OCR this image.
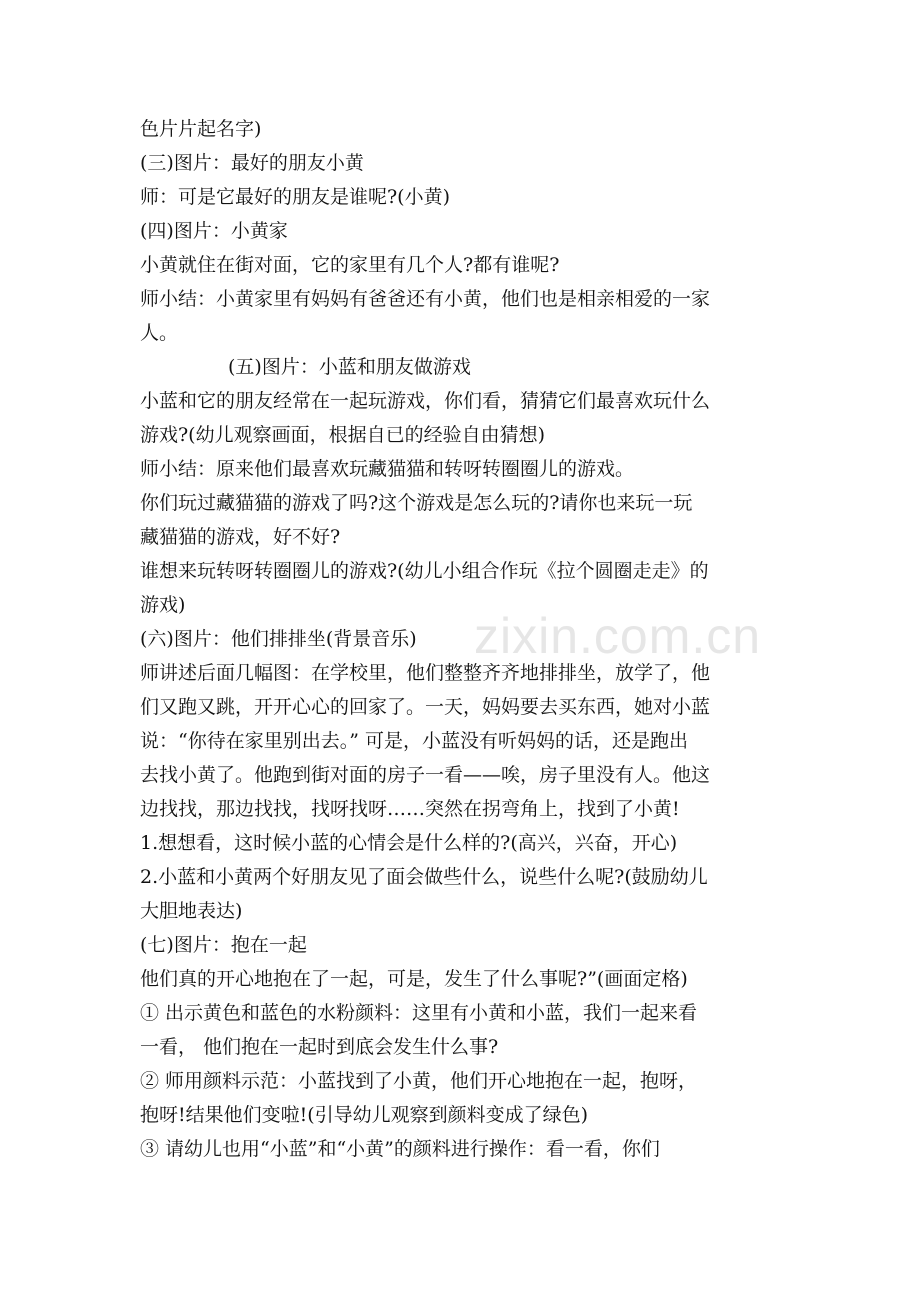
色片片起名字)
(三)图片：最好的朋友小黄
师：可是它最好的朋友是谁呢?(小黄)
(四)图片：小黄家
小黄就住在街对面，它的家里有几个人?都有谁呢?
师小结：小黄家里有妈妈有爸爸还有小黄，他们也是相亲相爱的一家
人。
(五)图片：小蓝和朋友做游戏
小蓝和它的朋友经常在一起玩游戏，你们看，猜猜它们最喜欢玩什么
游戏?(幼儿观察画面，根据自已的经验自由猜想)
师小结：原来他们最喜欢玩藏猫猫和转呀转圈圈儿的游戏。
你们玩过藏猫猫的游戏了吗?这个游戏是怎么玩的?请你也来玩一玩
藏猫猫的游戏，好不好?
谁想来玩转呀转圈圈儿的游戏?(幼儿小组合作玩《拉个圆圈走走》的
游戏)
(六)图片：他们排排坐(背景音乐)
师讲述后面几幅图：在学校里，他们整整齐齐地排排坐，放学了，他
们又跑又跳，开开心心的回家了。一天，妈妈要去买东西，她对小蓝
说：“你待在家里别出去。” 可是，小蓝没有听妈妈的话，还是跑出
去找小黄了。他跑到街对面的房子一看——唉，房子里没有人。他这
边找找，那边找找，找呀找呀……突然在拐弯角上，找到了小黄!
1.想想看，这时候小蓝的心情会是什么样的?(高兴，兴奋，开心)
2.小蓝和小黄两个好朋友见了面会做些什么，说些什么呢?(鼓励幼儿
大胆地表达)
(七)图片：抱在一起
他们真的开心地抱在了一起，可是，发生了什么事呢?”(画面定格)
① 出示黄色和蓝色的水粉颜料：这里有小黄和小蓝，我们一起来看
一看， 他们抱在一起时到底会发生什么事?
② 师用颜料示范：小蓝找到了小黄，他们开心地抱在一起，抱呀，
抱呀!结果他们变啦!(引导幼儿观察到颜料变成了绿色)
③ 请幼儿也用“小蓝”和“小黄”的颜料进行操作：看一看，你们
zixin.com.cn
